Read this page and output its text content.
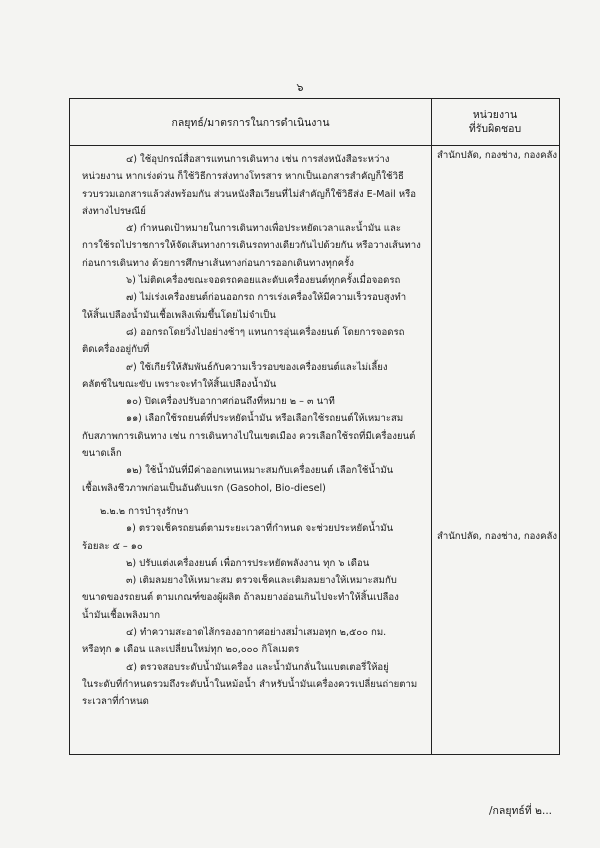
๖
กลยุทธ์/มาตรการในการดำเนินงาน
หน่วยงาน
ที่รับผิดชอบ

๔) ใช้อุปกรณ์สื่อสารแทนการเดินทาง เช่น การส่งหนังสือระหว่าง

หน่วยงาน หากเร่งด่วน ก็ใช้วิธีการส่งทางโทรสาร หากเป็นเอกสารสำคัญก็ใช้วิธี

รวบรวมเอกสารแล้วส่งพร้อมกัน ส่วนหนังสือเวียนที่ไม่สำคัญก็ใช้วิธีส่ง E-Mail หรือ

ส่งทางไปรษณีย์

๕) กำหนดเป้าหมายในการเดินทางเพื่อประหยัดเวลาและน้ำมัน และ

การใช้รถไปราชการให้จัดเส้นทางการเดินรถทางเดียวกันไปด้วยกัน หรือวางเส้นทาง

ก่อนการเดินทาง ด้วยการศึกษาเส้นทางก่อนการออกเดินทางทุกครั้ง

๖) ไม่ติดเครื่องขณะจอดรถคอยและดับเครื่องยนต์ทุกครั้งเมื่อจอดรถ

๗) ไม่เร่งเครื่องยนต์ก่อนออกรถ การเร่งเครื่องให้มีความเร็วรอบสูงทำ

ให้สิ้นเปลืองน้ำมันเชื้อเพลิงเพิ่มขึ้นโดยไม่จำเป็น

๘) ออกรถโดยวิ่งไปอย่างช้าๆ แทนการอุ่นเครื่องยนต์ โดยการจอดรถ

ติดเครื่องอยู่กับที่

๙) ใช้เกียร์ให้สัมพันธ์กับความเร็วรอบของเครื่องยนต์และไม่เลี้ยง

คลัตช์ในขณะขับ เพราะจะทำให้สิ้นเปลืองน้ำมัน

๑๐) ปิดเครื่องปรับอากาศก่อนถึงที่หมาย ๒ – ๓ นาที

๑๑) เลือกใช้รถยนต์ที่ประหยัดน้ำมัน หรือเลือกใช้รถยนต์ให้เหมาะสม

กับสภาพการเดินทาง เช่น การเดินทางไปในเขตเมือง ควรเลือกใช้รถที่มีเครื่องยนต์

ขนาดเล็ก

๑๒) ใช้น้ำมันที่มีค่าออกเทนเหมาะสมกับเครื่องยนต์ เลือกใช้น้ำมัน

เชื้อเพลิงชีวภาพก่อนเป็นอันดับแรก (Gasohol, Bio-diesel)

๒.๒.๒ การบำรุงรักษา

๑) ตรวจเช็ครถยนต์ตามระยะเวลาที่กำหนด จะช่วยประหยัดน้ำมัน

ร้อยละ ๕ – ๑๐

๒) ปรับแต่งเครื่องยนต์ เพื่อการประหยัดพลังงาน ทุก ๖ เดือน

๓) เติมลมยางให้เหมาะสม ตรวจเช็คและเติมลมยางให้เหมาะสมกับ

ขนาดของรถยนต์ ตามเกณฑ์ของผู้ผลิต ถ้าลมยางอ่อนเกินไปจะทำให้สิ้นเปลือง

น้ำมันเชื้อเพลิงมาก

๔) ทำความสะอาดไส้กรองอากาศอย่างสม่ำเสมอทุก ๒,๕๐๐ กม.

หรือทุก ๑ เดือน และเปลี่ยนใหม่ทุก ๒๐,๐๐๐ กิโลเมตร

๕) ตรวจสอบระดับน้ำมันเครื่อง และน้ำมันกลั่นในแบตเตอรี่ให้อยู่

ในระดับที่กำหนดรวมถึงระดับน้ำในหม้อน้ำ สำหรับน้ำมันเครื่องควรเปลี่ยนถ่ายตาม

ระเวลาที่กำหนด

สำนักปลัด, กองช่าง, กองคลัง
สำนักปลัด, กองช่าง, กองคลัง
/กลยุทธ์ที่ ๒...
